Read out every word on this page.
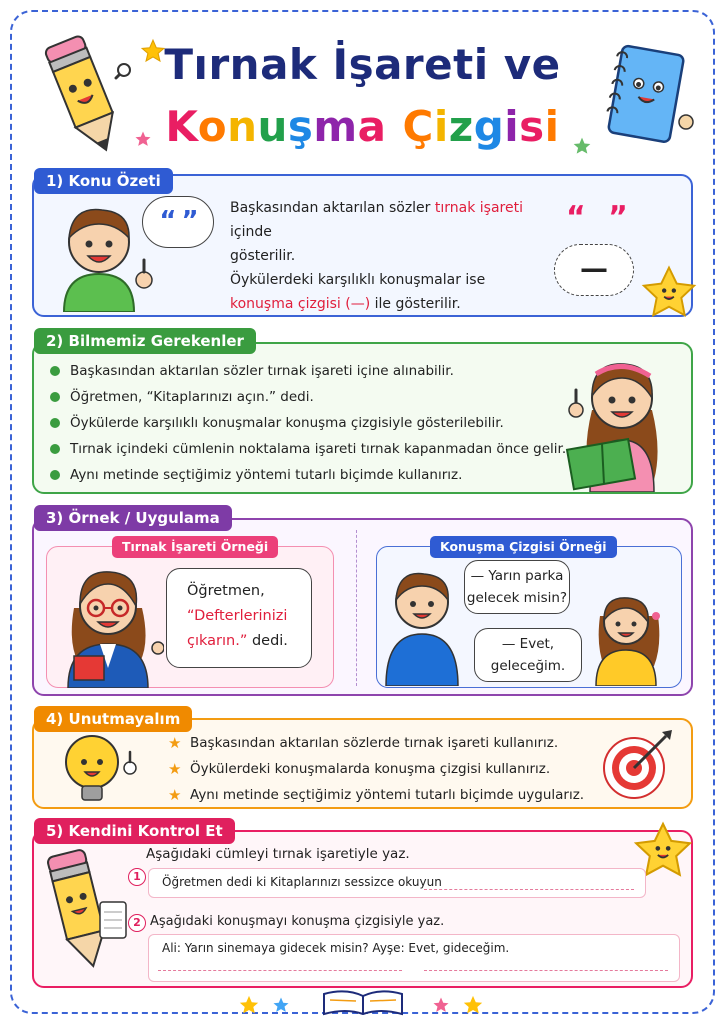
Tırnak İşareti ve
Konuşma Çizgisi
1) Konu Özeti
“ ”	Başkasından aktarılan sözler tırnak işareti içinde
gösterilir.
Öykülerdeki karşılıklı konuşmalar ise
konuşma çizgisi (—) ile gösterilir.
“ ”
—
2) Bilmemiz Gerekenler
Başkasından aktarılan sözler tırnak işareti içine alınabilir.
Öğretmen, “Kitaplarınızı açın.” dedi.
Öykülerde karşılıklı konuşmalar konuşma çizgisiyle gösterilebilir.
Tırnak içindeki cümlenin noktalama işareti tırnak kapanmadan önce gelir.
Aynı metinde seçtiğimiz yöntemi tutarlı biçimde kullanırız.
3) Örnek / Uygulama
Tırnak İşareti Örneği
Öğretmen,
“Defterlerinizi
çıkarın.” dedi.
Konuşma Çizgisi Örneği
— Yarın parka
gelecek misin?
— Evet,
geleceğim.
4) Unutmayalım
★ Başkasından aktarılan sözlerde tırnak işareti kullanırız.
★ Öykülerdeki konuşmalarda konuşma çizgisi kullanırız.
★ Aynı metinde seçtiğimiz yöntemi tutarlı biçimde uygularız.
5) Kendini Kontrol Et
Aşağıdaki cümleyi tırnak işaretiyle yaz.
1	Öğretmen dedi ki Kitaplarınızı sessizce okuyun
2 Aşağıdaki konuşmayı konuşma çizgisiyle yaz.
Ali: Yarın sinemaya gidecek misin? Ayşe: Evet, gideceğim.
